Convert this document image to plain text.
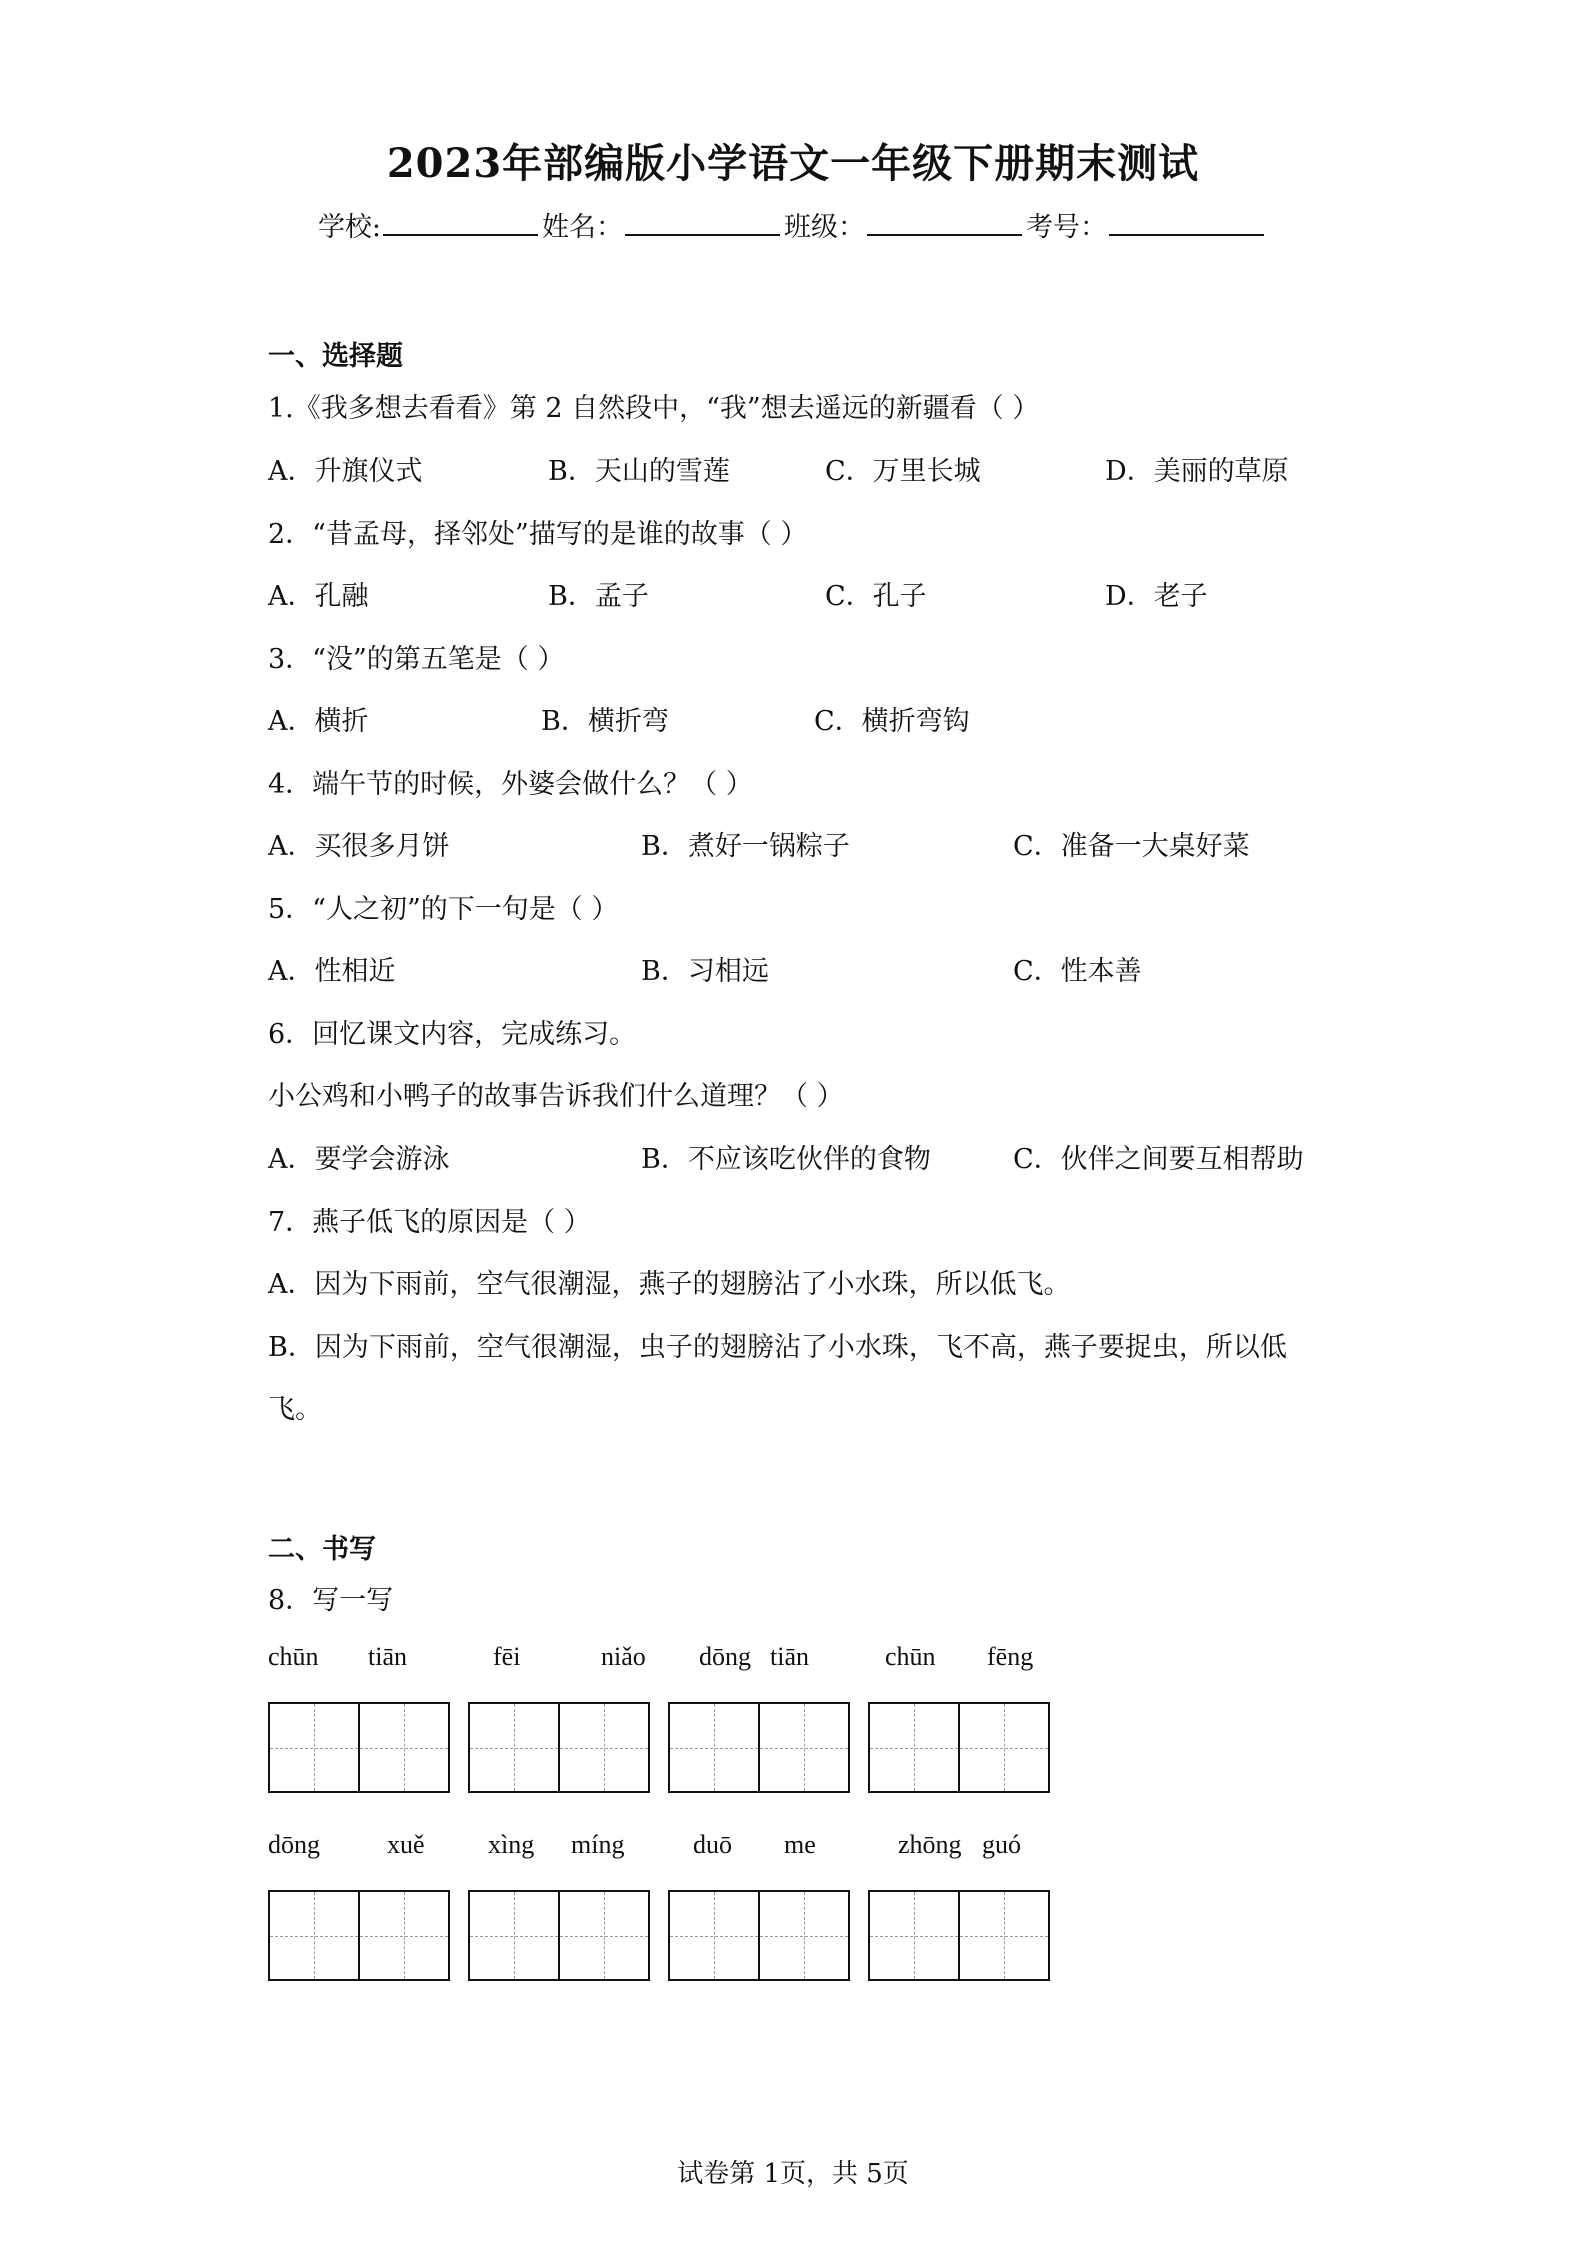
2023年部编版小学语文一年级下册期末测试
学校:	姓名：	班级：	考号：
一、选择题
1.《我多想去看看》第 2 自然段中，“我”想去遥远的新疆看（ ）
A．升旗仪式	B．天山的雪莲	C．万里长城	D．美丽的草原
2．“昔孟母，择邻处”描写的是谁的故事（ ）
A．孔融	B．孟子	C．孔子	D．老子
3．“没”的第五笔是（ ）
A．横折	B．横折弯	C．横折弯钩
4．端午节的时候，外婆会做什么？（ ）
A．买很多月饼	B．煮好一锅粽子	C．准备一大桌好菜
5．“人之初”的下一句是（ ）
A．性相近	B．习相远	C．性本善
6．回忆课文内容，完成练习。
小公鸡和小鸭子的故事告诉我们什么道理？（ ）
A．要学会游泳	B．不应该吃伙伴的食物	C．伙伴之间要互相帮助
7．燕子低飞的原因是（ ）
A．因为下雨前，空气很潮湿，燕子的翅膀沾了小水珠，所以低飞。
B．因为下雨前，空气很潮湿，虫子的翅膀沾了小水珠，飞不高，燕子要捉虫，所以低
飞。
二、书写
8．写一写
chūn tiān	fēi	niǎo dōng tiān	chūn fēng
dōng	xuě xìng míng	duō me	zhōng guó
试卷第 1页，共 5页
